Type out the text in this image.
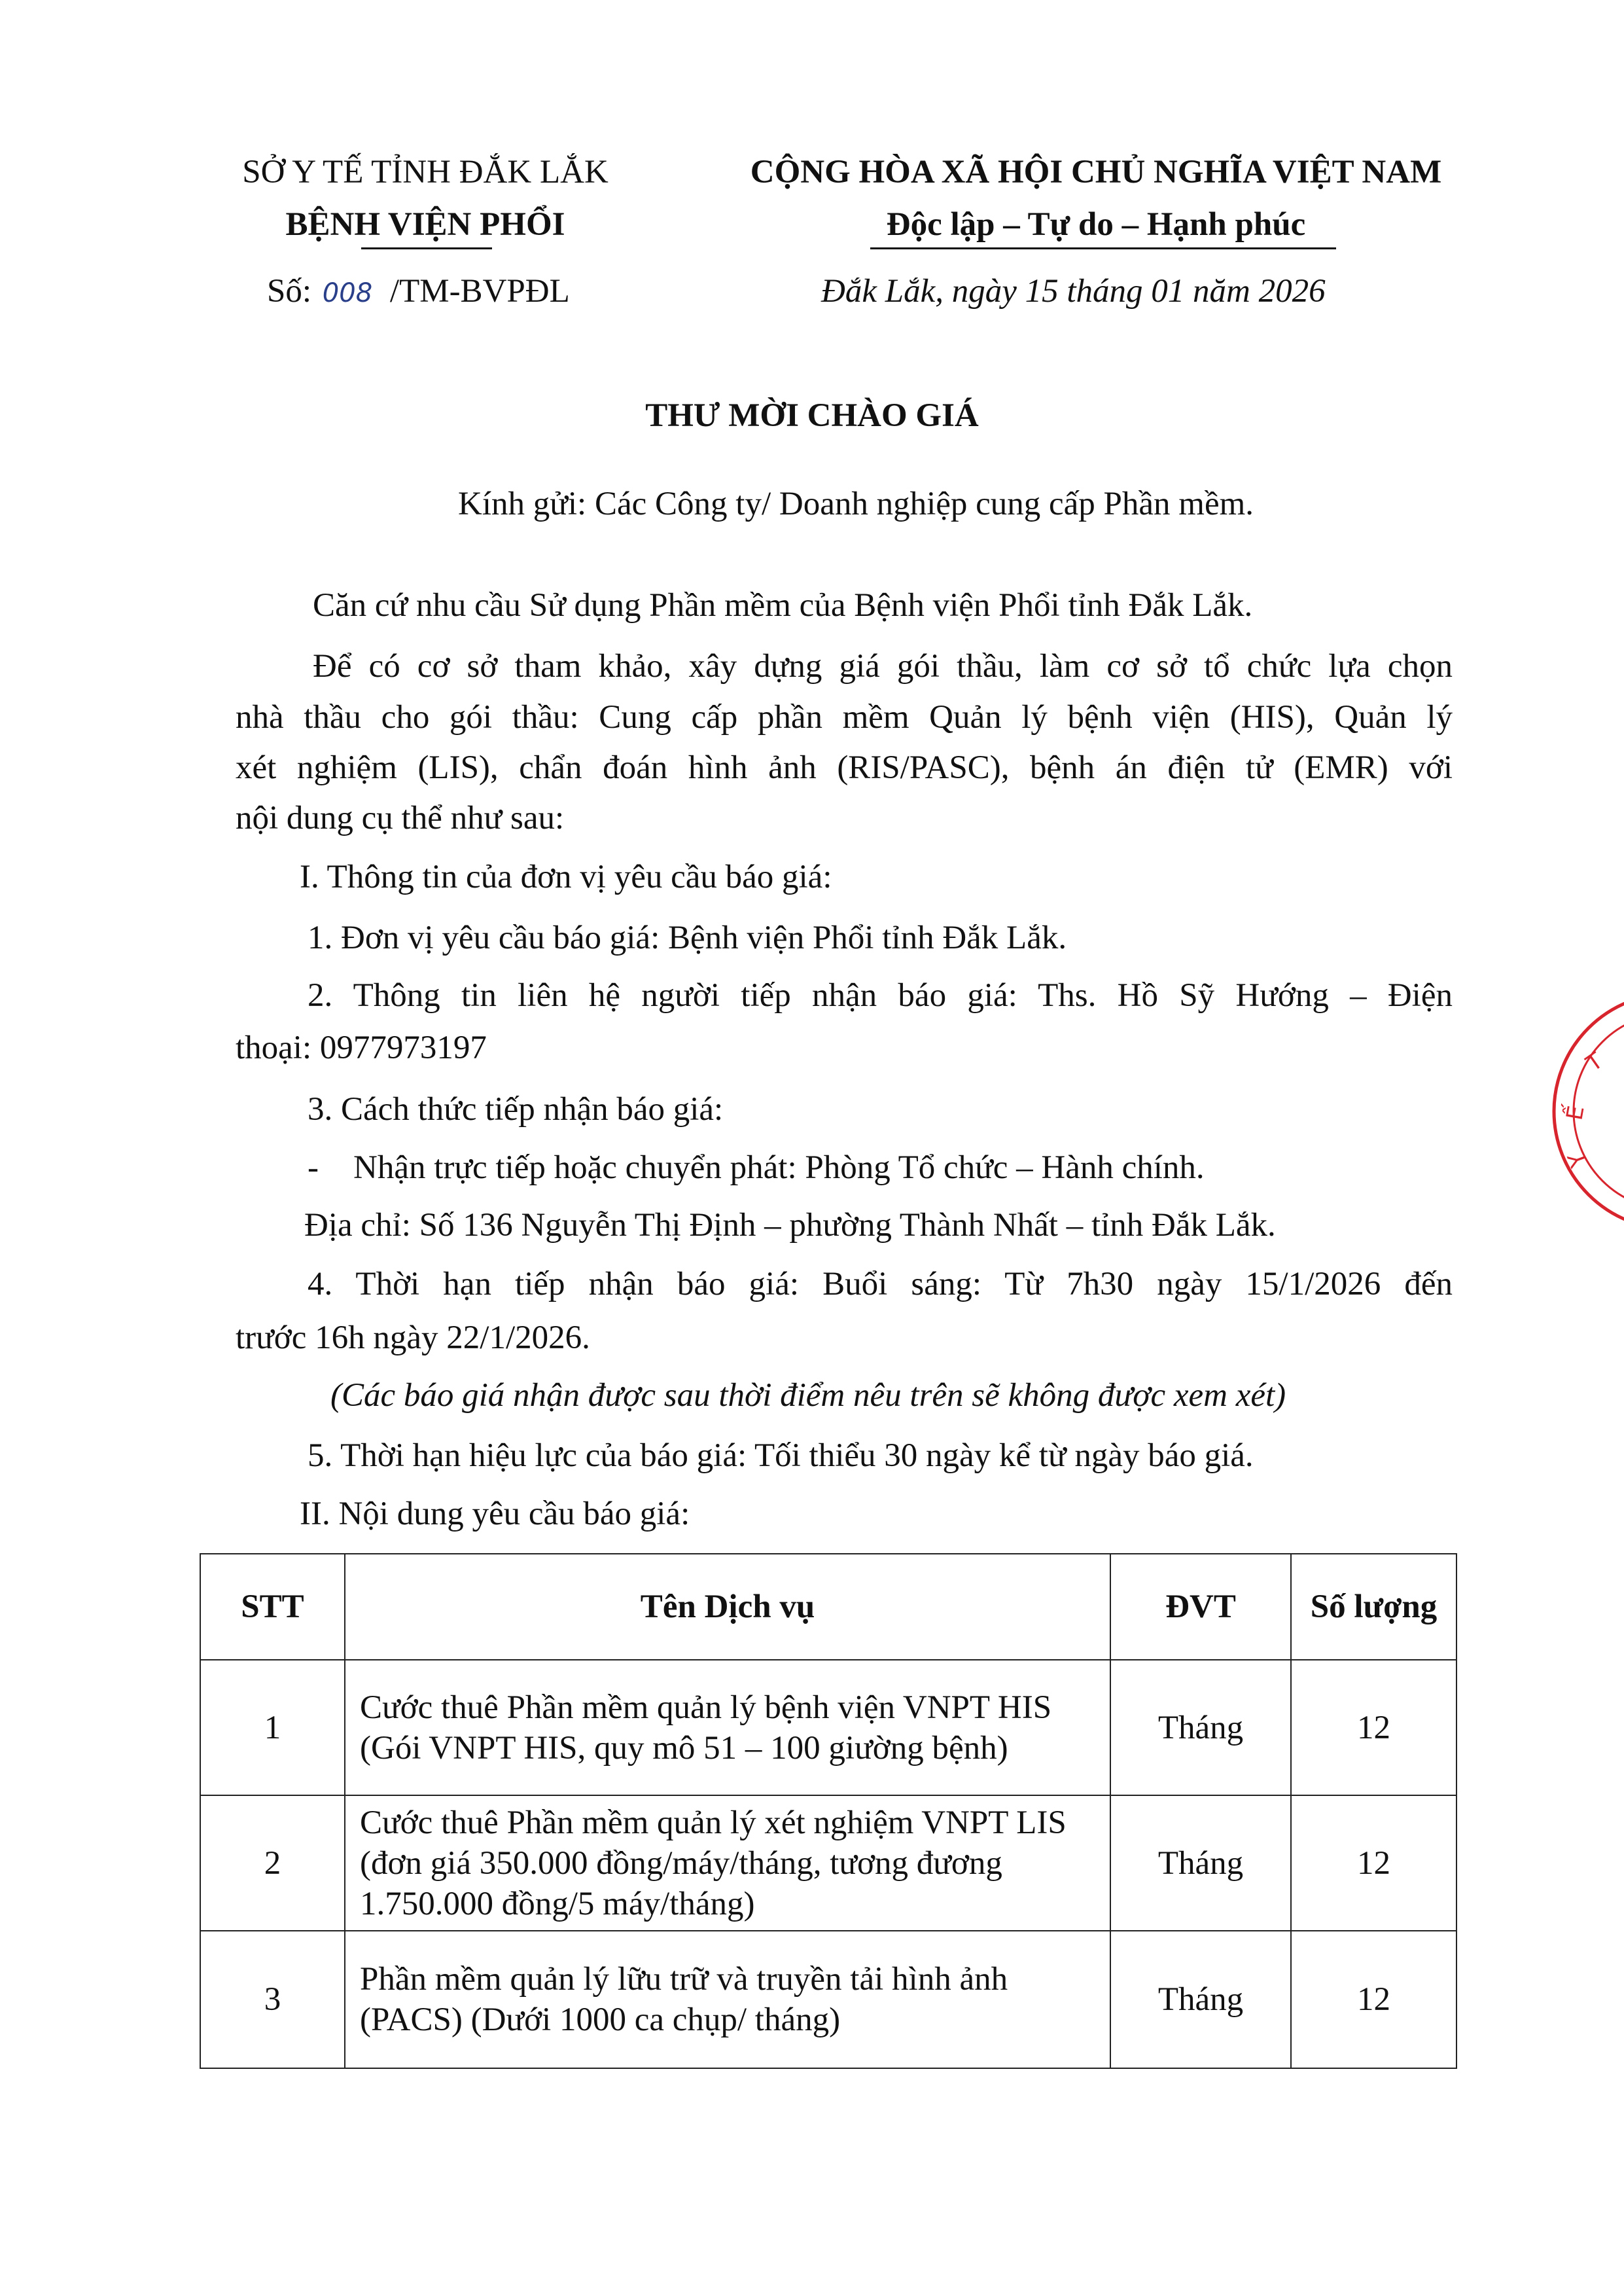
SỞ Y TẾ TỈNH ĐẮK LẮK
BỆNH VIỆN PHỔI
Số: 008 /TM-BVPĐL
CỘNG HÒA XÃ HỘI CHỦ NGHĨA VIỆT NAM
Độc lập – Tự do – Hạnh phúc
Đắk Lắk, ngày 15 tháng 01 năm 2026
THƯ MỜI CHÀO GIÁ
Kính gửi: Các Công ty/ Doanh nghiệp cung cấp Phần mềm.
Căn cứ nhu cầu Sử dụng Phần mềm của Bệnh viện Phổi tỉnh Đắk Lắk.
Để có cơ sở tham khảo, xây dựng giá gói thầu, làm cơ sở tổ chức lựa chọn
nhà thầu cho gói thầu: Cung cấp phần mềm Quản lý bệnh viện (HIS), Quản lý
xét nghiệm (LIS), chẩn đoán hình ảnh (RIS/PASC), bệnh án điện tử (EMR) với
nội dung cụ thể như sau:
I. Thông tin của đơn vị yêu cầu báo giá:
1. Đơn vị yêu cầu báo giá: Bệnh viện Phổi tỉnh Đắk Lắk.
2. Thông tin liên hệ người tiếp nhận báo giá: Ths. Hồ Sỹ Hướng – Điện
thoại: 0977973197
3. Cách thức tiếp nhận báo giá:
- Nhận trực tiếp hoặc chuyển phát: Phòng Tổ chức – Hành chính.
Địa chỉ: Số 136 Nguyễn Thị Định – phường Thành Nhất – tỉnh Đắk Lắk.
4. Thời hạn tiếp nhận báo giá: Buổi sáng: Từ 7h30 ngày 15/1/2026 đến
trước 16h ngày 22/1/2026.
(Các báo giá nhận được sau thời điểm nêu trên sẽ không được xem xét)
5. Thời hạn hiệu lực của báo giá: Tối thiểu 30 ngày kể từ ngày báo giá.
II. Nội dung yêu cầu báo giá:
STT	Tên Dịch vụ	ĐVT	Số lượng
1	Cước thuê Phần mềm quản lý bệnh viện VNPT HIS (Gói VNPT HIS, quy mô 51 – 100 giường bệnh)	Tháng	12
2	Cước thuê Phần mềm quản lý xét nghiệm VNPT LIS (đơn giá 350.000 đồng/máy/tháng, tương đương 1.750.000 đồng/5 máy/tháng)	Tháng	12
3	Phần mềm quản lý lữu trữ và truyền tải hình ảnh (PACS) (Dưới 1000 ca chụp/ tháng)	Tháng	12
T
Ế
Y
